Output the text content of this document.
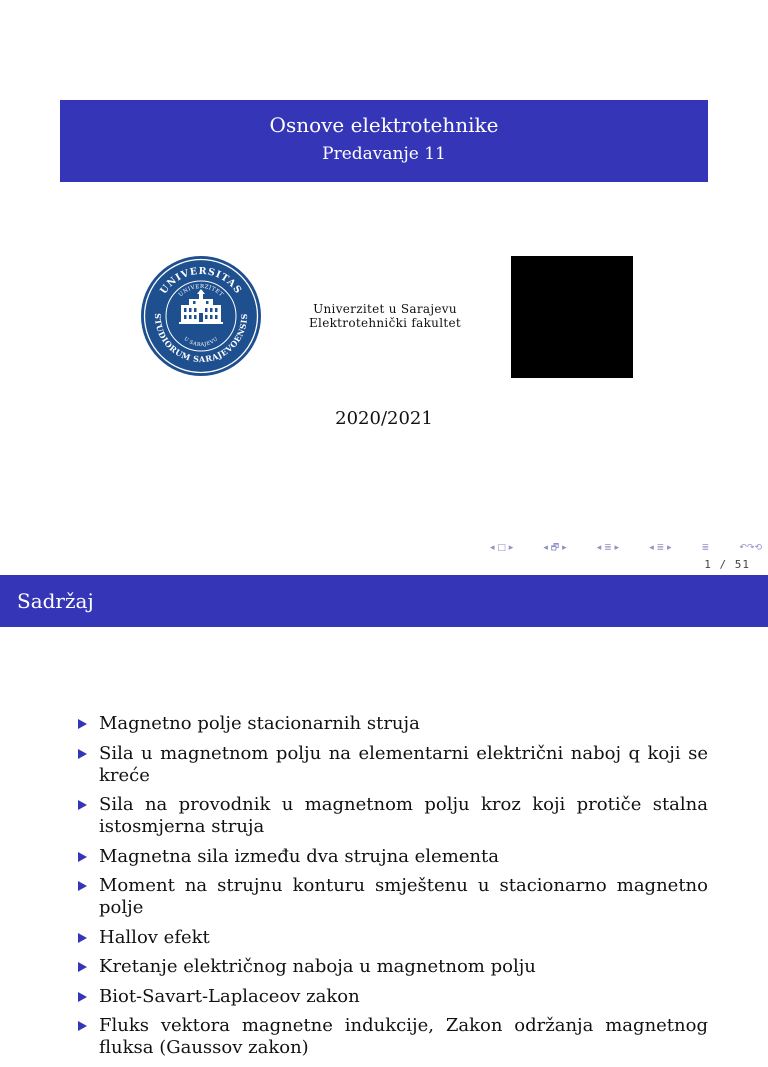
Osnove elektrotehnike
Predavanje 11
UNIVERSITAS
STUDIORUM SARAJEVOENSIS
UNIVERZITET
U SARAJEVU
Univerzitet u Sarajevu
Elektrotehnički fakultet
2020/2021
◂ □ ▸	◂ 🗗 ▸	◂ ≣ ▸	◂ ≣ ▸	≣	↶↷⟲
1 / 51
Sadržaj
Magnetno polje stacionarnih struja
Sila u magnetnom polju na elementarni električni naboj q koji se kreće
Sila na provodnik u magnetnom polju kroz koji protiče stalna istosmjerna struja
Magnetna sila između dva strujna elementa
Moment na strujnu konturu smještenu u stacionarno magnetno polje
Hallov efekt
Kretanje električnog naboja u magnetnom polju
Biot-Savart-Laplaceov zakon
Fluks vektora magnetne indukcije, Zakon održanja magnetnog fluksa (Gaussov zakon)
